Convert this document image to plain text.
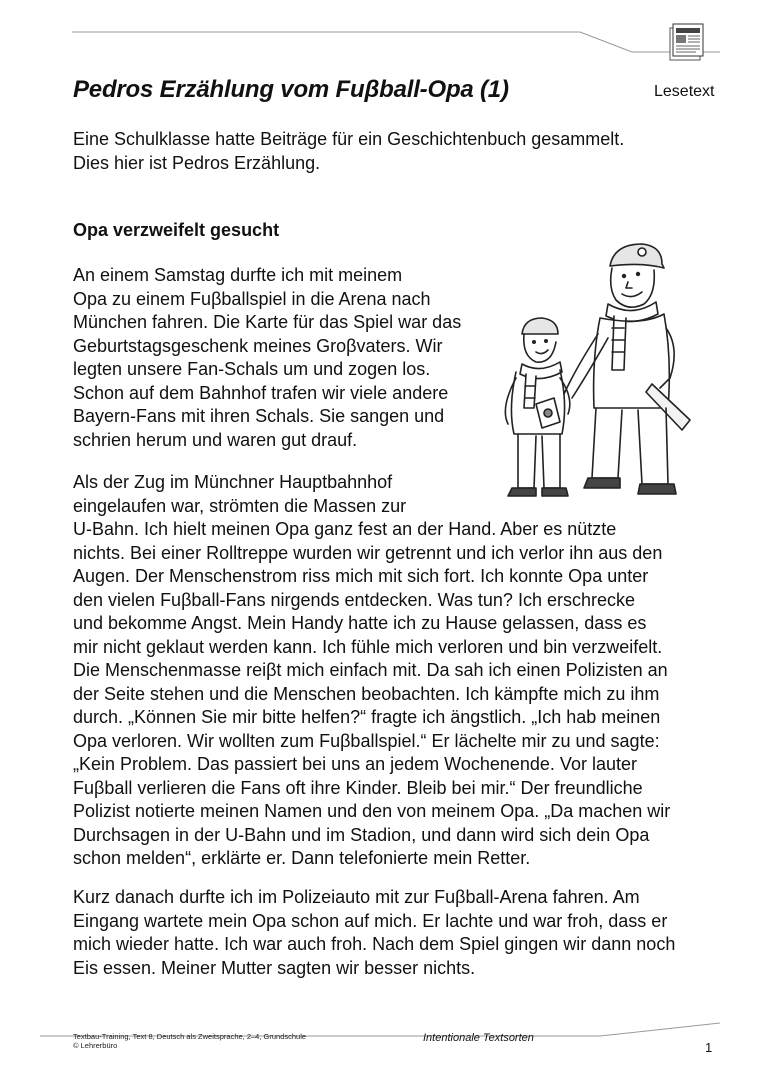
Pedros Erzählung vom Fuβball-Opa (1)	Lesetext
Eine Schulklasse hatte Beiträge für ein Geschichtenbuch gesammelt.
Dies hier ist Pedros Erzählung.
Opa verzweifelt gesucht
An einem Samstag durfte ich mit meinem
Opa zu einem Fuβballspiel in die Arena nach
München fahren. Die Karte für das Spiel war das
Geburtstagsgeschenk meines Groβvaters. Wir
legten unsere Fan-Schals um und zogen los.
Schon auf dem Bahnhof trafen wir viele andere
Bayern-Fans mit ihren Schals. Sie sangen und
schrien herum und waren gut drauf.
Als der Zug im Münchner Hauptbahnhof
eingelaufen war, strömten die Massen zur
U-Bahn. Ich hielt meinen Opa ganz fest an der Hand. Aber es nützte
nichts. Bei einer Rolltreppe wurden wir getrennt und ich verlor ihn aus den
Augen. Der Menschenstrom riss mich mit sich fort. Ich konnte Opa unter
den vielen Fuβball-Fans nirgends entdecken. Was tun? Ich erschrecke
und bekomme Angst. Mein Handy hatte ich zu Hause gelassen, dass es
mir nicht geklaut werden kann. Ich fühle mich verloren und bin verzweifelt.
Die Menschenmasse reiβt mich einfach mit. Da sah ich einen Polizisten an
der Seite stehen und die Menschen beobachten. Ich kämpfte mich zu ihm
durch. „Können Sie mir bitte helfen?“ fragte ich ängstlich. „Ich hab meinen
Opa verloren. Wir wollten zum Fuβballspiel.“ Er lächelte mir zu und sagte:
„Kein Problem. Das passiert bei uns an jedem Wochenende. Vor lauter
Fuβball verlieren die Fans oft ihre Kinder. Bleib bei mir.“ Der freundliche
Polizist notierte meinen Namen und den von meinem Opa. „Da machen wir
Durchsagen in der U-Bahn und im Stadion, und dann wird sich dein Opa
schon melden“, erklärte er. Dann telefonierte mein Retter.
Kurz danach durfte ich im Polizeiauto mit zur Fuβball-Arena fahren. Am
Eingang wartete mein Opa schon auf mich. Er lachte und war froh, dass er
mich wieder hatte. Ich war auch froh. Nach dem Spiel gingen wir dann noch
Eis essen. Meiner Mutter sagten wir besser nichts.
Textbau-Training, Text 8, Deutsch als Zweitsprache, 2–4, Grundschule
© Lehrerbüro
Intentionale Textsorten
1
